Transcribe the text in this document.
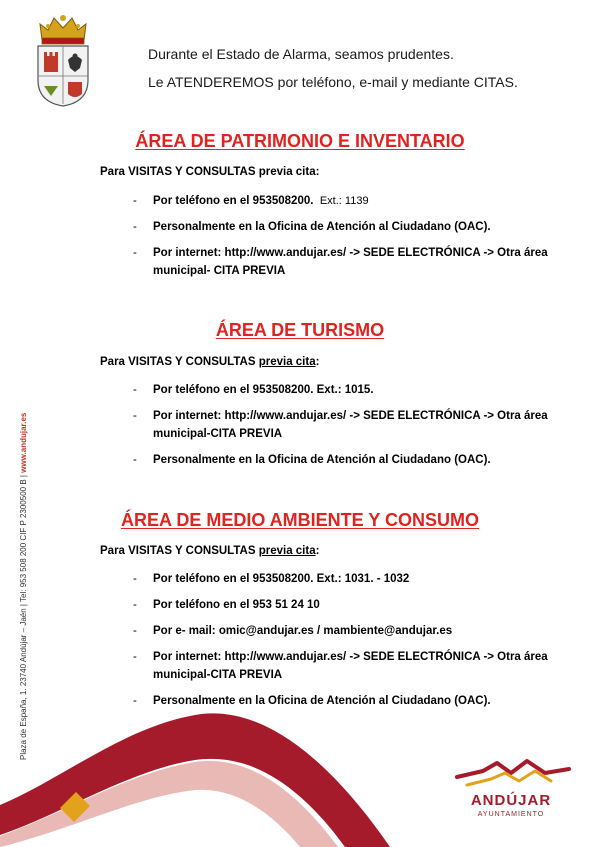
Durante el Estado de Alarma, seamos prudentes.
Le ATENDEREMOS por teléfono, e-mail y mediante CITAS.
ÁREA DE PATRIMONIO E INVENTARIO
Para VISITAS Y CONSULTAS previa cita:
- Por teléfono en el 953508200. Ext.: 1139
- Personalmente en la Oficina de Atención al Ciudadano (OAC).
- Por internet: http://www.andujar.es/ -> SEDE ELECTRÓNICA -> Otra área municipal- CITA PREVIA
ÁREA DE TURISMO
Para VISITAS Y CONSULTAS previa cita:
- Por teléfono en el 953508200. Ext.: 1015.
- Por internet: http://www.andujar.es/ -> SEDE ELECTRÓNICA -> Otra área municipal-CITA PREVIA
- Personalmente en la Oficina de Atención al Ciudadano (OAC).
ÁREA DE MEDIO AMBIENTE Y CONSUMO
Para VISITAS Y CONSULTAS previa cita:
- Por teléfono en el 953508200. Ext.: 1031. - 1032
- Por teléfono en el 953 51 24 10
- Por e- mail: omic@andujar.es / mambiente@andujar.es
- Por internet: http://www.andujar.es/ -> SEDE ELECTRÓNICA -> Otra área municipal-CITA PREVIA
- Personalmente en la Oficina de Atención al Ciudadano (OAC).
Plaza de España, 1. 23740 Andújar – Jaén | Tel: 953 508 200 CIF P 2300500 B | www.andujar.es
ANDÚJAR
AYUNTAMIENTO
